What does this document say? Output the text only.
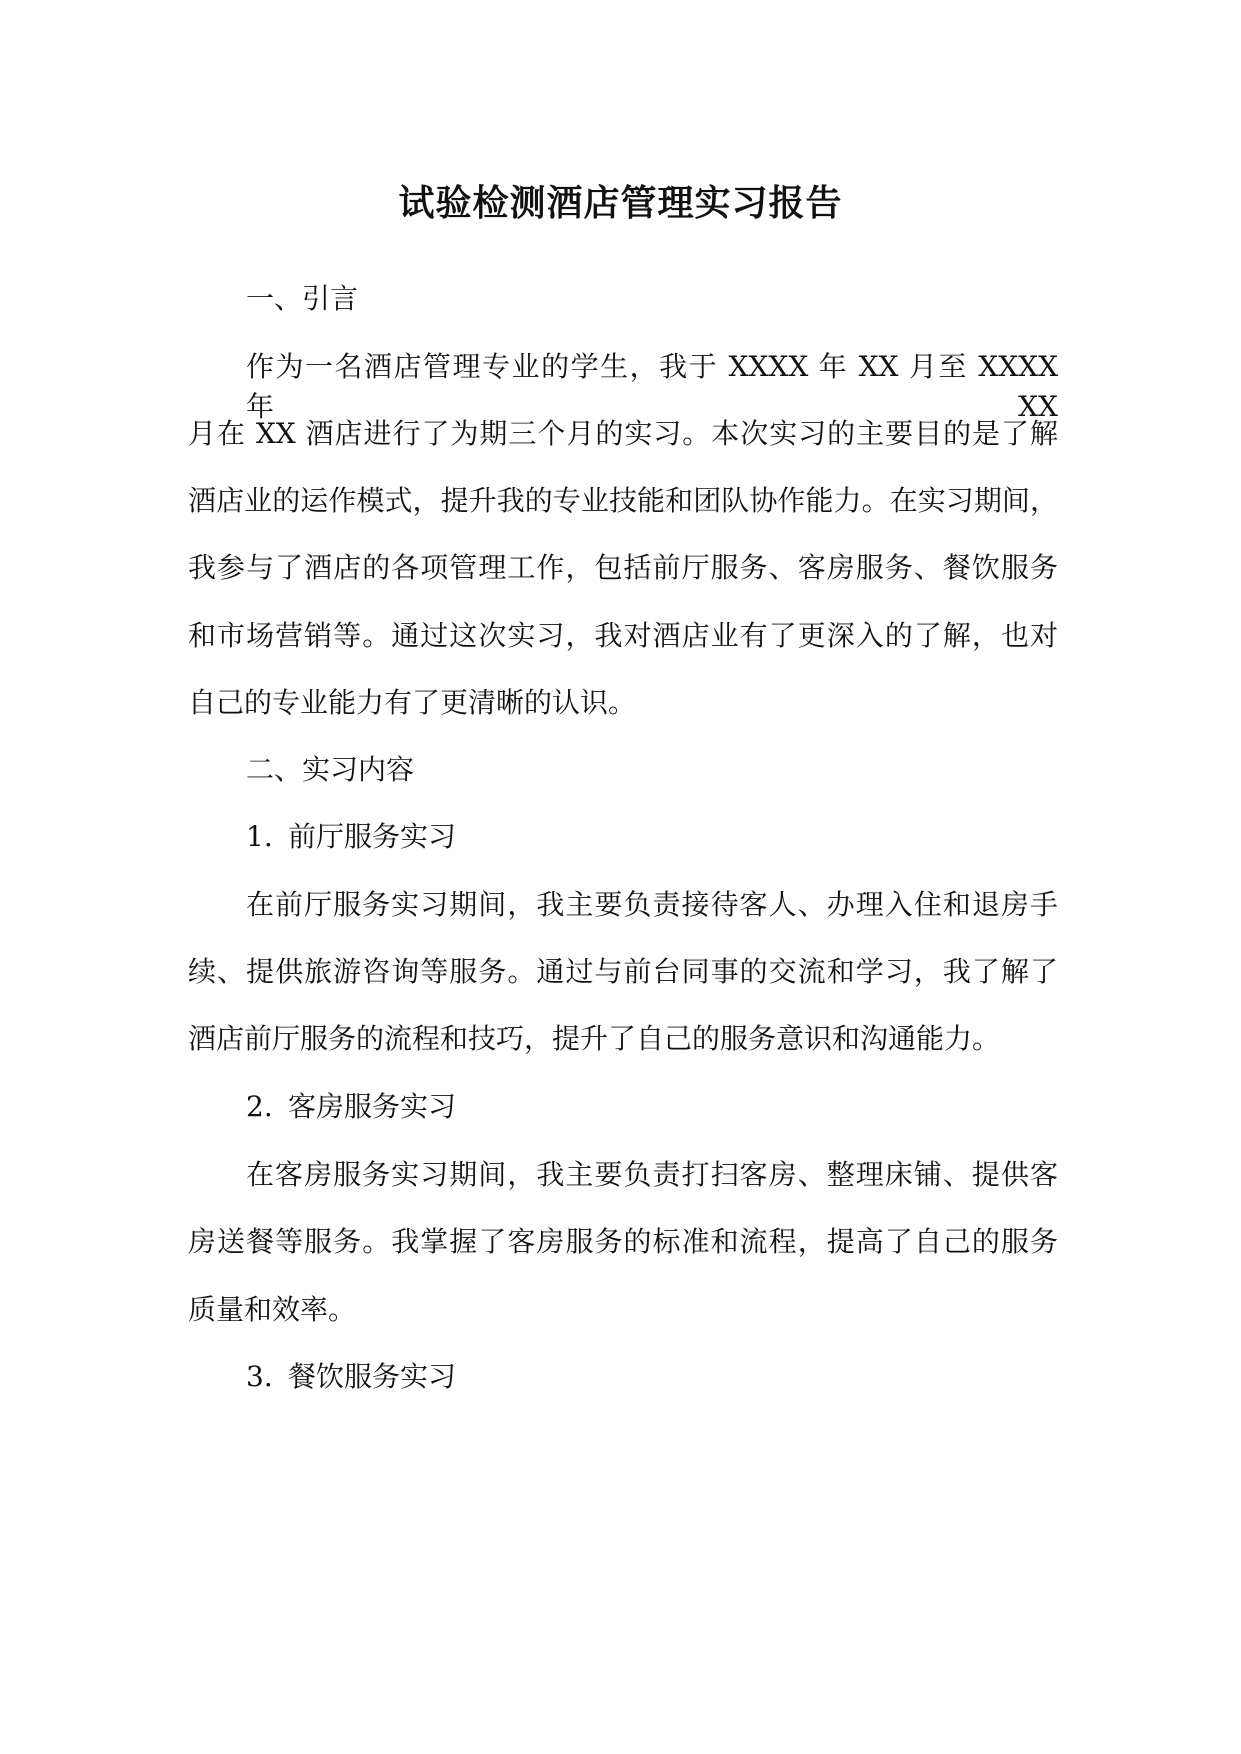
试验检测酒店管理实习报告

一、引言

作为一名酒店管理专业的学生，我于 XXXX 年 XX 月至 XXXX 年 XX

月在 XX 酒店进行了为期三个月的实习。本次实习的主要目的是了解

酒店业的运作模式，提升我的专业技能和团队协作能力。在实习期间，

我参与了酒店的各项管理工作，包括前厅服务、客房服务、餐饮服务

和市场营销等。通过这次实习，我对酒店业有了更深入的了解，也对

自己的专业能力有了更清晰的认识。

二、实习内容

1. 前厅服务实习

在前厅服务实习期间，我主要负责接待客人、办理入住和退房手

续、提供旅游咨询等服务。通过与前台同事的交流和学习，我了解了

酒店前厅服务的流程和技巧，提升了自己的服务意识和沟通能力。

2. 客房服务实习

在客房服务实习期间，我主要负责打扫客房、整理床铺、提供客

房送餐等服务。我掌握了客房服务的标准和流程，提高了自己的服务

质量和效率。

3. 餐饮服务实习
